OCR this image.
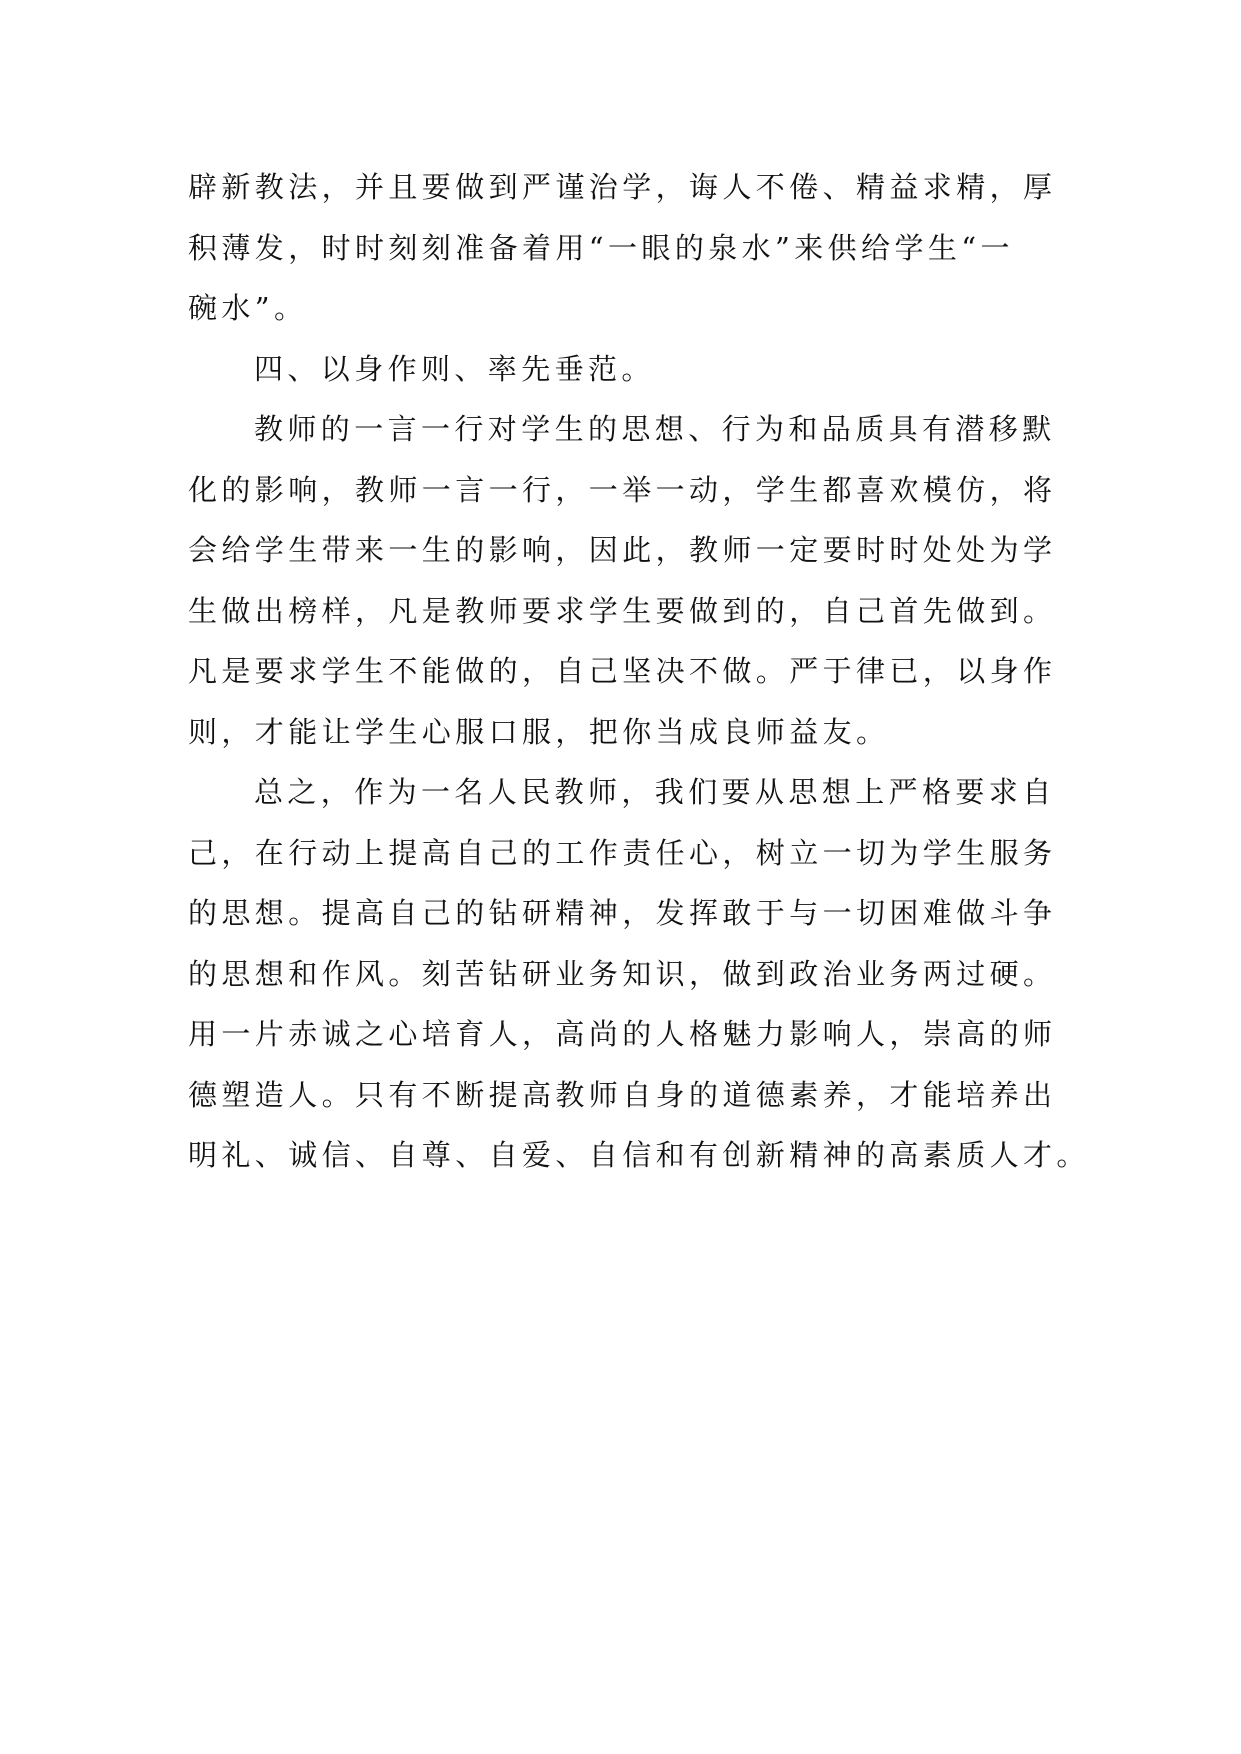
辟新教法，并且要做到严谨治学，诲人不倦、精益求精，厚

积薄发，时时刻刻准备着用“一眼的泉水”来供给学生“一

碗水”。

四、以身作则、率先垂范。

教师的一言一行对学生的思想、行为和品质具有潜移默

化的影响，教师一言一行，一举一动，学生都喜欢模仿，将

会给学生带来一生的影响，因此，教师一定要时时处处为学

生做出榜样，凡是教师要求学生要做到的，自己首先做到。

凡是要求学生不能做的，自己坚决不做。严于律已，以身作

则，才能让学生心服口服，把你当成良师益友。

总之，作为一名人民教师，我们要从思想上严格要求自

己，在行动上提高自己的工作责任心，树立一切为学生服务

的思想。提高自己的钻研精神，发挥敢于与一切困难做斗争

的思想和作风。刻苦钻研业务知识，做到政治业务两过硬。

用一片赤诚之心培育人，高尚的人格魅力影响人，崇高的师

德塑造人。只有不断提高教师自身的道德素养，才能培养出

明礼、诚信、自尊、自爱、自信和有创新精神的高素质人才。
